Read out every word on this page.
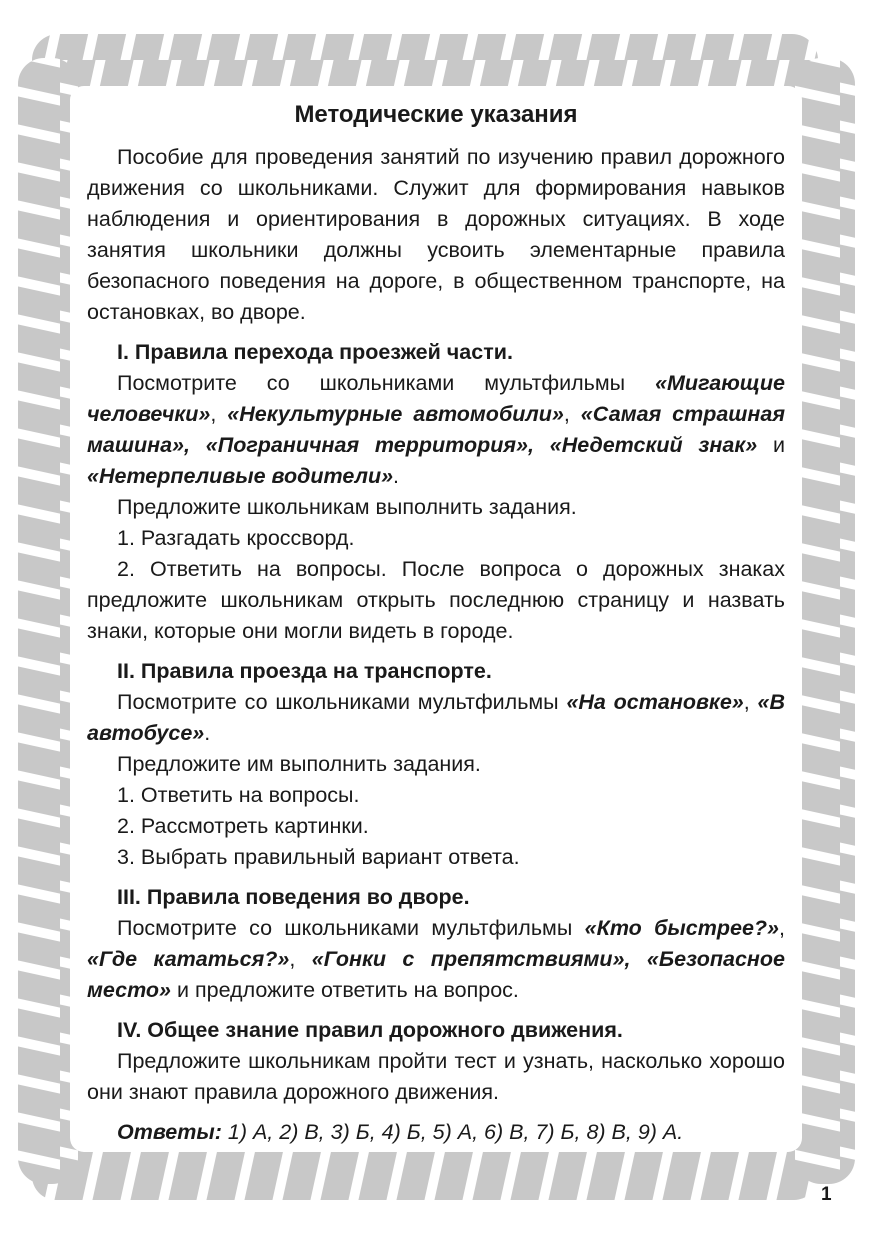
Методические указания

Пособие для проведения занятий по изучению правил дорожного движения со школьниками. Служит для формирования навыков наблюдения и ориентирования в дорожных ситуациях. В ходе занятия школьники должны усвоить элементарные правила безопасного поведения на дороге, в общественном транспорте, на остановках, во дворе.

I. Правила перехода проезжей части.

Посмотрите со школьниками мультфильмы «Мигающие человечки», «Некультурные автомобили», «Самая страшная машина», «Пограничная территория», «Недетский знак» и «Нетерпеливые водители».

Предложите школьникам выполнить задания.

1. Разгадать кроссворд.

2. Ответить на вопросы. После вопроса о дорожных знаках предложите школьникам открыть последнюю страницу и назвать знаки, которые они могли видеть в городе.

II. Правила проезда на транспорте.

Посмотрите со школьниками мультфильмы «На остановке», «В автобусе».

Предложите им выполнить задания.

1. Ответить на вопросы.

2. Рассмотреть картинки.

3. Выбрать правильный вариант ответа.

III. Правила поведения во дворе.

Посмотрите со школьниками мультфильмы «Кто быстрее?», «Где кататься?», «Гонки с препятствиями», «Безопасное место» и предложите ответить на вопрос.

IV. Общее знание правил дорожного движения.

Предложите школьникам пройти тест и узнать, насколько хорошо они знают правила дорожного движения.

Ответы: 1) А, 2) В, 3) Б, 4) Б, 5) А, 6) В, 7) Б, 8) В, 9) А.

1
